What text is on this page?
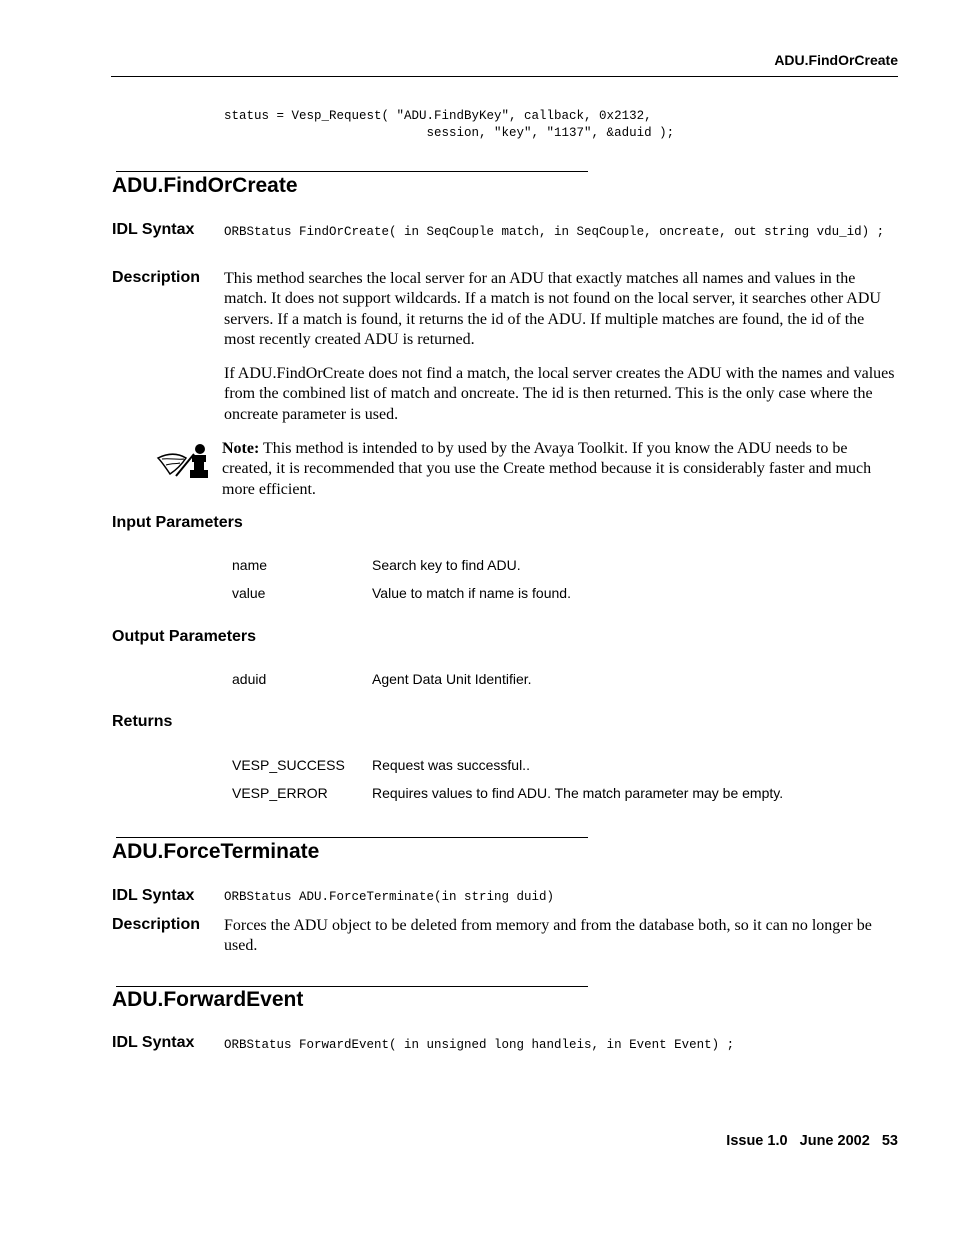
ADU.FindOrCreate
status = Vesp_Request( "ADU.FindByKey", callback, 0x2132,
session, "key", "1137", &aduid );
ADU.FindOrCreate
IDL Syntax ORBStatus FindOrCreate( in SeqCouple match, in SeqCouple, oncreate, out string vdu_id) ;
Description This method searches the local server for an ADU that exactly matches all names and values in the match. It does not support wildcards. If a match is not found on the local server, it searches other ADU servers. If a match is found, it returns the id of the ADU. If multiple matches are found, the id of the most recently created ADU is returned.
If ADU.FindOrCreate does not find a match, the local server creates the ADU with the names and values from the combined list of match and oncreate. The id is then returned. This is the only case where the oncreate parameter is used.
Note: This method is intended to by used by the Avaya Toolkit. If you know the ADU needs to be created, it is recommended that you use the Create method because it is considerably faster and much more efficient.
Input Parameters
name	Search key to find ADU.
value	Value to match if name is found.
Output Parameters
aduid	Agent Data Unit Identifier.
Returns
VESP_SUCCESS Request was successful..
VESP_ERROR	Requires values to find ADU. The match parameter may be empty.
ADU.ForceTerminate
IDL Syntax ORBStatus ADU.ForceTerminate(in string duid)
Description Forces the ADU object to be deleted from memory and from the database both, so it can no longer be used.
ADU.ForwardEvent
IDL Syntax ORBStatus ForwardEvent( in unsigned long handleis, in Event Event) ;
Issue 1.0   June 2002   53
